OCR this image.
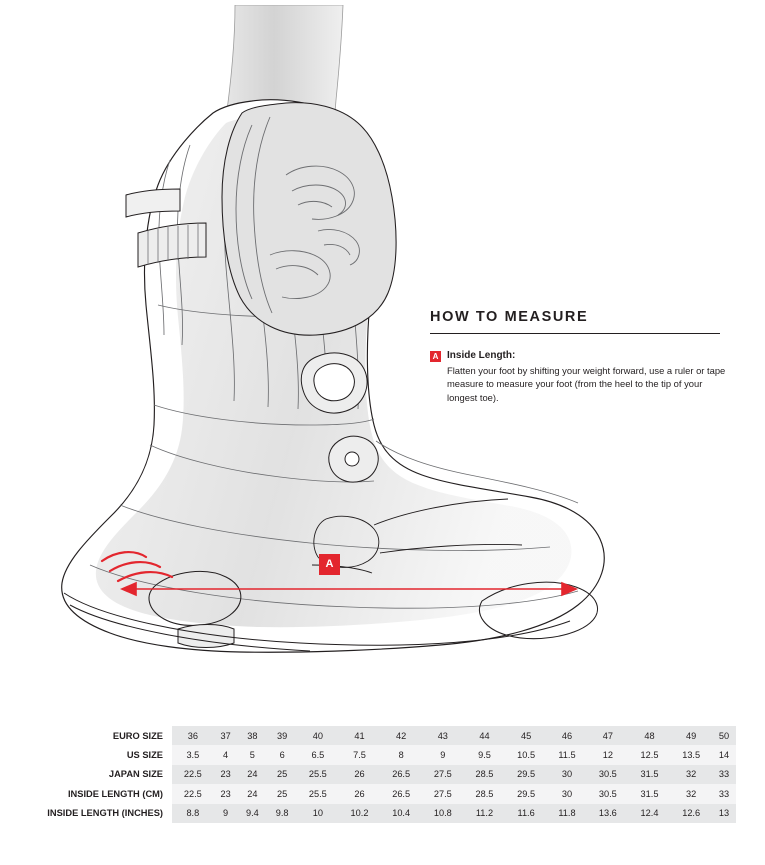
A
HOW TO MEASURE
A Inside Length:
Flatten your foot by shifting your weight forward, use a ruler or tape measure to measure your foot (from the heel to the tip of your longest toe).
EURO SIZE	36	37	38	39	40	41	42	43	44	45	46	47	48	49	50
US SIZE	3.5	4	5	6	6.5	7.5	8	9	9.5	10.5	11.5	12	12.5	13.5	14
JAPAN SIZE	22.5	23	24	25	25.5	26	26.5	27.5	28.5	29.5	30	30.5	31.5	32	33
INSIDE LENGTH (CM)	22.5	23	24	25	25.5	26	26.5	27.5	28.5	29.5	30	30.5	31.5	32	33
INSIDE LENGTH (INCHES)	8.8	9	9.4	9.8	10	10.2	10.4	10.8	11.2	11.6	11.8	13.6	12.4	12.6	13
